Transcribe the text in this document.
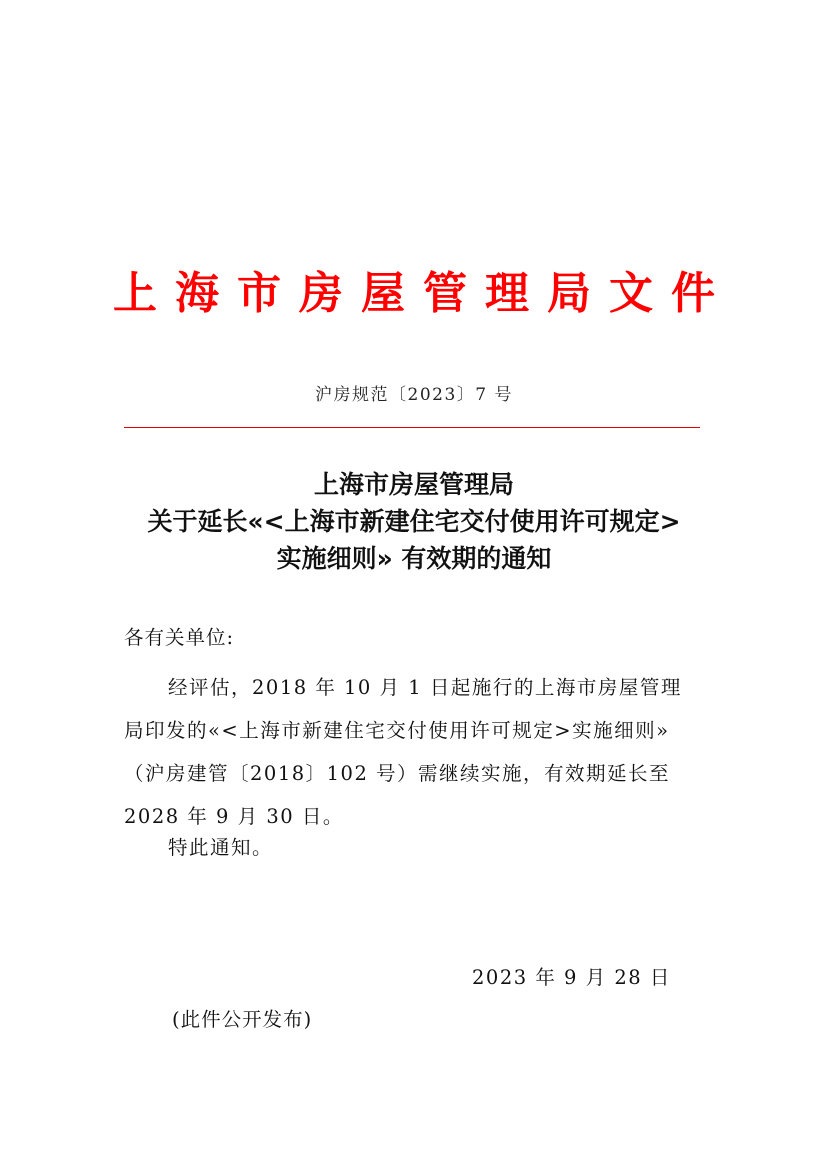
上海市房屋管理局文件
沪房规范〔2023〕7 号
上海市房屋管理局
关于延长«<上海市新建住宅交付使用许可规定>
实施细则» 有效期的通知
各有关单位:
经评估，2018 年 10 月 1 日起施行的上海市房屋管理
局印发的«<上海市新建住宅交付使用许可规定>实施细则»
（沪房建管〔2018〕102 号）需继续实施，有效期延长至
2028 年 9 月 30 日。
特此通知。
2023 年 9 月 28 日
(此件公开发布)
